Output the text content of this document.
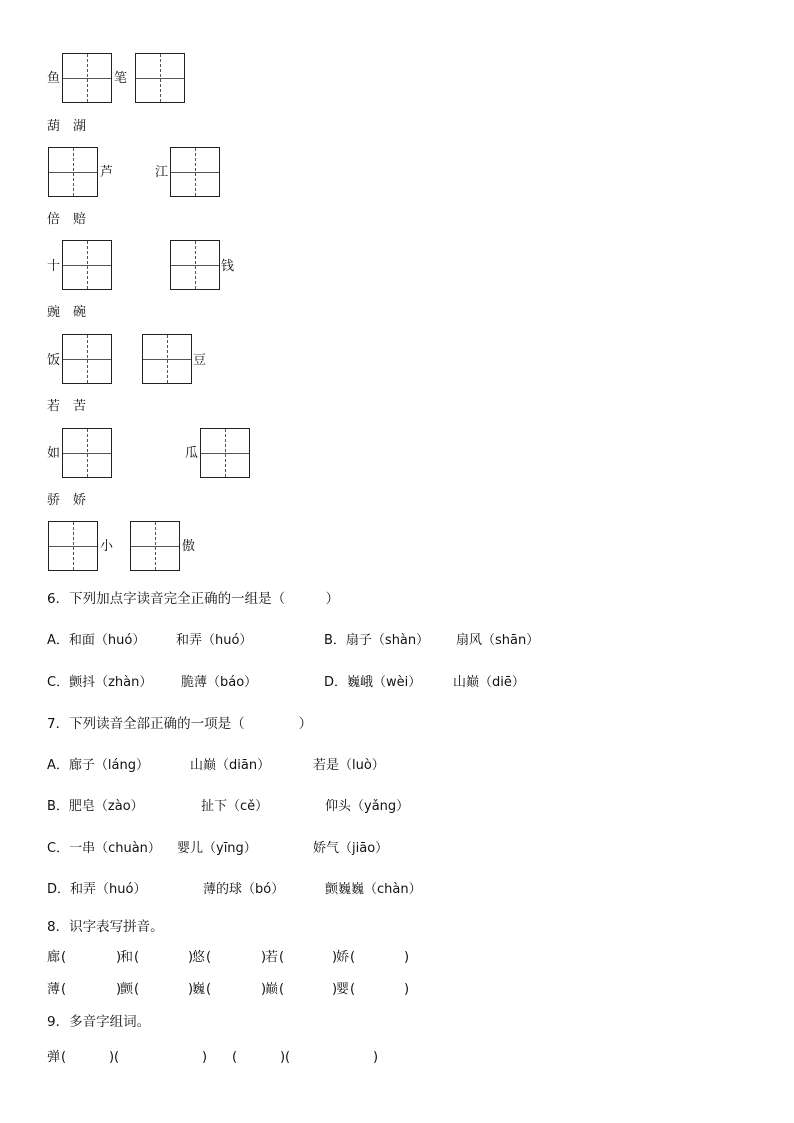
鱼	笔
葫　湖
芦	江
倍　赔
十	钱
豌　碗
饭	豆
若　苦
如	瓜
骄　娇
小	傲
6．下列加点字读音完全正确的一组是（　　　）
A．和面（huó） 和弄（huó）	B．扇子（shàn） 扇风（shān）
C．颤抖（zhàn） 脆薄（báo）	D．巍峨（wèi） 山巅（diē）
7．下列读音全部正确的一项是（　　　　）
A．廊子（láng）	山巅（diān）	若是（luò）
B．肥皂（zào）	扯下（cě）	仰头（yǎng）
C．一串（chuàn） 婴儿（yīng）	娇气（jiāo）
D．和弄（huó）	薄的球（bó）	颤巍巍（chàn）
8．识字表写拼音。
廊 (	)
和 (	)
悠 (	)
若 (	)
娇 (	)
薄 (	)
颤 (	)
巍 (	)
巅 (	)
婴 (	)
9．多音字组词。
弹 (	) (	) (	) (	)
